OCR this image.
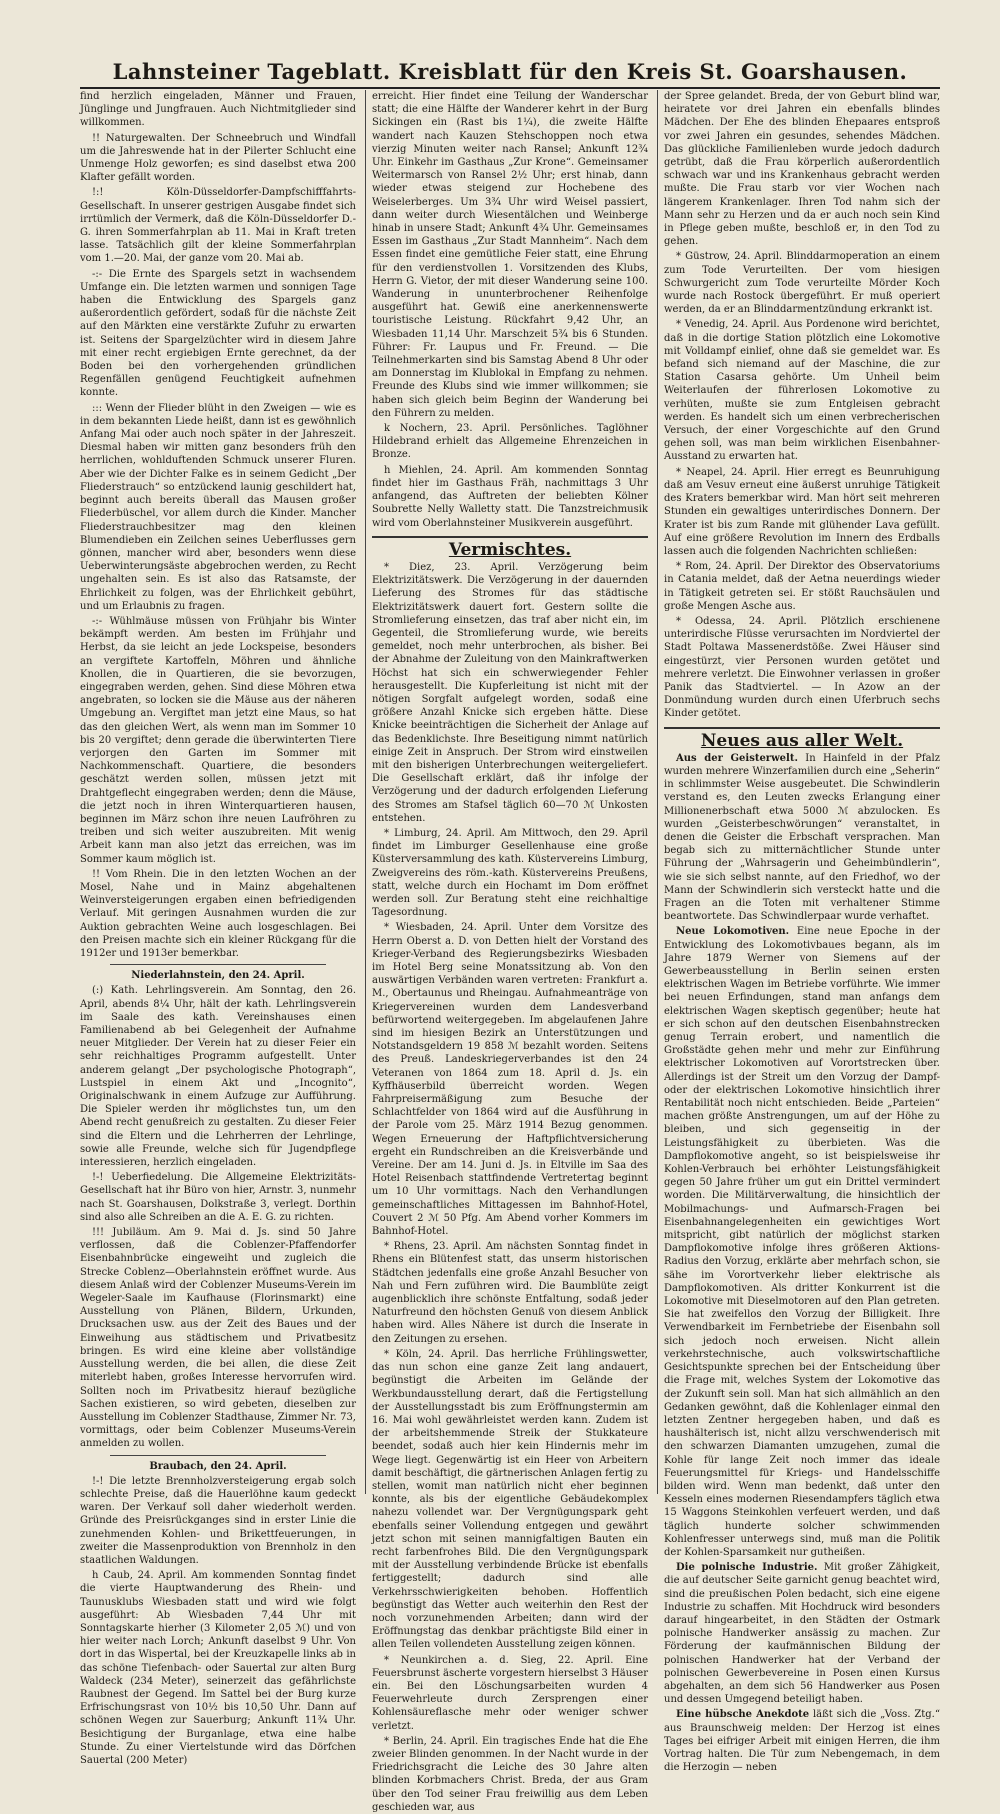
Lahnsteiner Tageblatt. Kreisblatt für den Kreis St. Goarshausen.

find herzlich eingeladen, Männer und Frauen, Jünglinge und Jungfrauen. Auch Nichtmitglieder sind willkommen.

!! Naturgewalten. Der Schneebruch und Windfall um die Jahreswende hat in der Pilerter Schlucht eine Unmenge Holz geworfen; es sind daselbst etwa 200 Klafter gefällt worden.

!:! Köln-Düsseldorfer-Dampfschifffahrts-Gesellschaft. In unserer gestrigen Ausgabe findet sich irrtümlich der Vermerk, daß die Köln-Düsseldorfer D.-G. ihren Sommerfahrplan ab 11. Mai in Kraft treten lasse. Tatsächlich gilt der kleine Sommerfahrplan vom 1.—20. Mai, der ganze vom 20. Mai ab.

-:- Die Ernte des Spargels setzt in wachsendem Umfange ein. Die letzten warmen und sonnigen Tage haben die Entwicklung des Spargels ganz außerordentlich gefördert, sodaß für die nächste Zeit auf den Märkten eine verstärkte Zufuhr zu erwarten ist. Seitens der Spargelzüchter wird in diesem Jahre mit einer recht ergiebigen Ernte gerechnet, da der Boden bei den vorhergehenden gründlichen Regenfällen genügend Feuchtigkeit aufnehmen konnte.

::: Wenn der Flieder blüht in den Zweigen — wie es in dem bekannten Liede heißt, dann ist es gewöhnlich Anfang Mai oder auch noch später in der Jahreszeit. Diesmal haben wir mitten ganz besonders früh den herrlichen, wohlduftenden Schmuck unserer Fluren. Aber wie der Dichter Falke es in seinem Gedicht „Der Fliederstrauch“ so entzückend launig geschildert hat, beginnt auch bereits überall das Mausen großer Fliederbüschel, vor allem durch die Kinder. Mancher Fliederstrauchbesitzer mag den kleinen Blumendieben ein Zeilchen seines Ueberflusses gern gönnen, mancher wird aber, besonders wenn diese Ueberwinterungsäste abgebrochen werden, zu Recht ungehalten sein. Es ist also das Ratsamste, der Ehrlichkeit zu folgen, was der Ehrlichkeit gebührt, und um Erlaubnis zu fragen.

-:- Wühlmäuse müssen von Frühjahr bis Winter bekämpft werden. Am besten im Frühjahr und Herbst, da sie leicht an jede Lockspeise, besonders an vergiftete Kartoffeln, Möhren und ähnliche Knollen, die in Quartieren, die sie bevorzugen, eingegraben werden, gehen. Sind diese Möhren etwa angebraten, so locken sie die Mäuse aus der näheren Umgebung an. Vergiftet man jetzt eine Maus, so hat das den gleichen Wert, als wenn man im Sommer 10 bis 20 vergiftet; denn gerade die überwinterten Tiere verjorgen den Garten im Sommer mit Nachkommenschaft. Quartiere, die besonders geschätzt werden sollen, müssen jetzt mit Drahtgeflecht eingegraben werden; denn die Mäuse, die jetzt noch in ihren Winterquartieren hausen, beginnen im März schon ihre neuen Laufröhren zu treiben und sich weiter auszubreiten. Mit wenig Arbeit kann man also jetzt das erreichen, was im Sommer kaum möglich ist.

!! Vom Rhein. Die in den letzten Wochen an der Mosel, Nahe und in Mainz abgehaltenen Weinversteigerungen ergaben einen befriedigenden Verlauf. Mit geringen Ausnahmen wurden die zur Auktion gebrachten Weine auch losgeschlagen. Bei den Preisen machte sich ein kleiner Rückgang für die 1912er und 1913er bemerkbar.

Niederlahnstein, den 24. April.

(:) Kath. Lehrlingsverein. Am Sonntag, den 26. April, abends 8¼ Uhr, hält der kath. Lehrlingsverein im Saale des kath. Vereinshauses einen Familienabend ab bei Gelegenheit der Aufnahme neuer Mitglieder. Der Verein hat zu dieser Feier ein sehr reichhaltiges Programm aufgestellt. Unter anderem gelangt „Der psychologische Photograph“, Lustspiel in einem Akt und „Incognito“, Originalschwank in einem Aufzuge zur Aufführung. Die Spieler werden ihr möglichstes tun, um den Abend recht genußreich zu gestalten. Zu dieser Feier sind die Eltern und die Lehrherren der Lehrlinge, sowie alle Freunde, welche sich für Jugendpflege interessieren, herzlich eingeladen.

!-! Ueberfiedelung. Die Allgemeine Elektrizitäts-Gesellschaft hat ihr Büro von hier, Arnstr. 3, nunmehr nach St. Goarshausen, Dolkstraße 3, verlegt. Dorthin sind also alle Schreiben an die A. E. G. zu richten.

!!! Jubiläum. Am 9. Mai d. Js. sind 50 Jahre verflossen, daß die Coblenzer-Pfaffendorfer Eisenbahnbrücke eingeweiht und zugleich die Strecke Coblenz—Oberlahnstein eröffnet wurde. Aus diesem Anlaß wird der Coblenzer Museums-Verein im Wegeler-Saale im Kaufhause (Florinsmarkt) eine Ausstellung von Plänen, Bildern, Urkunden, Drucksachen usw. aus der Zeit des Baues und der Einweihung aus städtischem und Privatbesitz bringen. Es wird eine kleine aber vollständige Ausstellung werden, die bei allen, die diese Zeit miterlebt haben, großes Interesse hervorrufen wird. Sollten noch im Privatbesitz hierauf bezügliche Sachen existieren, so wird gebeten, dieselben zur Ausstellung im Coblenzer Stadthause, Zimmer Nr. 73, vormittags, oder beim Coblenzer Museums-Verein anmelden zu wollen.

Braubach, den 24. April.

!-! Die letzte Brennholzversteigerung ergab solch schlechte Preise, daß die Hauerlöhne kaum gedeckt waren. Der Verkauf soll daher wiederholt werden. Gründe des Preisrückganges sind in erster Linie die zunehmenden Kohlen- und Brikettfeuerungen, in zweiter die Massenproduktion von Brennholz in den staatlichen Waldungen.

h Caub, 24. April. Am kommenden Sonntag findet die vierte Hauptwanderung des Rhein- und Taunusklubs Wiesbaden statt und wird wie folgt ausgeführt: Ab Wiesbaden 7,44 Uhr mit Sonntagskarte hierher (3 Kilometer 2,05 ℳ) und von hier weiter nach Lorch; Ankunft daselbst 9 Uhr. Von dort in das Wispertal, bei der Kreuzkapelle links ab in das schöne Tiefenbach- oder Sauertal zur alten Burg Waldeck (234 Meter), seinerzeit das gefährlichste Raubnest der Gegend. Im Sattel bei der Burg kurze Erfrischungsrast von 10½ bis 10,50 Uhr. Dann auf schönen Wegen zur Sauerburg; Ankunft 11¾ Uhr. Besichtigung der Burganlage, etwa eine halbe Stunde. Zu einer Viertelstunde wird das Dörfchen Sauertal (200 Meter)

erreicht. Hier findet eine Teilung der Wanderschar statt; die eine Hälfte der Wanderer kehrt in der Burg Sickingen ein (Rast bis 1¼), die zweite Hälfte wandert nach Kauzen Stehschoppen noch etwa vierzig Minuten weiter nach Ransel; Ankunft 12¾ Uhr. Einkehr im Gasthaus „Zur Krone“. Gemeinsamer Weitermarsch von Ransel 2½ Uhr; erst hinab, dann wieder etwas steigend zur Hochebene des Weiselerberges. Um 3¾ Uhr wird Weisel passiert, dann weiter durch Wiesentälchen und Weinberge hinab in unsere Stadt; Ankunft 4¾ Uhr. Gemeinsames Essen im Gasthaus „Zur Stadt Mannheim“. Nach dem Essen findet eine gemütliche Feier statt, eine Ehrung für den verdienstvollen 1. Vorsitzenden des Klubs, Herrn G. Vietor, der mit dieser Wanderung seine 100. Wanderung in ununterbrochener Reihenfolge ausgeführt hat. Gewiß eine anerkennenswerte touristische Leistung. Rückfahrt 9,42 Uhr, an Wiesbaden 11,14 Uhr. Marschzeit 5¾ bis 6 Stunden. Führer: Fr. Laupus und Fr. Freund. — Die Teilnehmerkarten sind bis Samstag Abend 8 Uhr oder am Donnerstag im Klublokal in Empfang zu nehmen. Freunde des Klubs sind wie immer willkommen; sie haben sich gleich beim Beginn der Wanderung bei den Führern zu melden.

k Nochern, 23. April. Persönliches. Taglöhner Hildebrand erhielt das Allgemeine Ehrenzeichen in Bronze.

h Miehlen, 24. April. Am kommenden Sonntag findet hier im Gasthaus Fräh, nachmittags 3 Uhr anfangend, das Auftreten der beliebten Kölner Soubrette Nelly Walletty statt. Die Tanzstreichmusik wird vom Oberlahnsteiner Musikverein ausgeführt.

Vermischtes.

* Diez, 23. April. Verzögerung beim Elektrizitätswerk. Die Verzögerung in der dauernden Lieferung des Stromes für das städtische Elektrizitätswerk dauert fort. Gestern sollte die Stromlieferung einsetzen, das traf aber nicht ein, im Gegenteil, die Stromlieferung wurde, wie bereits gemeldet, noch mehr unterbrochen, als bisher. Bei der Abnahme der Zuleitung von den Mainkraftwerken Höchst hat sich ein schwerwiegender Fehler herausgestellt. Die Kupferleitung ist nicht mit der nötigen Sorgfalt aufgelegt worden, sodaß eine größere Anzahl Knicke sich ergeben hätte. Diese Knicke beeinträchtigen die Sicherheit der Anlage auf das Bedenklichste. Ihre Beseitigung nimmt natürlich einige Zeit in Anspruch. Der Strom wird einstweilen mit den bisherigen Unterbrechungen weitergeliefert. Die Gesellschaft erklärt, daß ihr infolge der Verzögerung und der dadurch erfolgenden Lieferung des Stromes am Stafsel täglich 60—70 ℳ Unkosten entstehen.

* Limburg, 24. April. Am Mittwoch, den 29. April findet im Limburger Gesellenhause eine große Küsterversammlung des kath. Küstervereins Limburg, Zweigvereins des röm.-kath. Küstervereins Preußens, statt, welche durch ein Hochamt im Dom eröffnet werden soll. Zur Beratung steht eine reichhaltige Tagesordnung.

* Wiesbaden, 24. April. Unter dem Vorsitze des Herrn Oberst a. D. von Detten hielt der Vorstand des Krieger-Verband des Regierungsbezirks Wiesbaden im Hotel Berg seine Monatssitzung ab. Von den auswärtigen Verbänden waren vertreten: Frankfurt a. M., Obertaunus und Rheingau. Aufnahmeanträge von Kriegervereinen wurden dem Landesverband befürwortend weitergegeben. Im abgelaufenen Jahre sind im hiesigen Bezirk an Unterstützungen und Notstandsgeldern 19 858 ℳ bezahlt worden. Seitens des Preuß. Landeskriegerverbandes ist den 24 Veteranen von 1864 zum 18. April d. Js. ein Kyffhäuserbild überreicht worden. Wegen Fahrpreisermäßigung zum Besuche der Schlachtfelder von 1864 wird auf die Ausführung in der Parole vom 25. März 1914 Bezug genommen. Wegen Erneuerung der Haftpflichtversicherung ergeht ein Rundschreiben an die Kreisverbände und Vereine. Der am 14. Juni d. Js. in Eltville im Saa des Hotel Reisenbach stattfindende Vertretertag beginnt um 10 Uhr vormittags. Nach den Verhandlungen gemeinschaftliches Mittagessen im Bahnhof-Hotel, Couvert 2 ℳ 50 Pfg. Am Abend vorher Kommers im Bahnhof-Hotel.

* Rhens, 23. April. Am nächsten Sonntag findet in Rhens ein Blütenfest statt, das unserm historischen Städtchen jedenfalls eine große Anzahl Besucher von Nah und Fern zuführen wird. Die Baumblüte zeigt augenblicklich ihre schönste Entfaltung, sodaß jeder Naturfreund den höchsten Genuß von diesem Anblick haben wird. Alles Nähere ist durch die Inserate in den Zeitungen zu ersehen.

* Köln, 24. April. Das herrliche Frühlingswetter, das nun schon eine ganze Zeit lang andauert, begünstigt die Arbeiten im Gelände der Werkbundausstellung derart, daß die Fertigstellung der Ausstellungsstadt bis zum Eröffnungstermin am 16. Mai wohl gewährleistet werden kann. Zudem ist der arbeitshemmende Streik der Stukkateure beendet, sodaß auch hier kein Hindernis mehr im Wege liegt. Gegenwärtig ist ein Heer von Arbeitern damit beschäftigt, die gärtnerischen Anlagen fertig zu stellen, womit man natürlich nicht eher beginnen konnte, als bis der eigentliche Gebäudekomplex nahezu vollendet war. Der Vergnügungspark geht ebenfalls seiner Vollendung entgegen und gewährt jetzt schon mit seinen mannigfaltigen Bauten ein recht farbenfrohes Bild. Die den Vergnügungspark mit der Ausstellung verbindende Brücke ist ebenfalls fertiggestellt; dadurch sind alle Verkehrsschwierigkeiten behoben. Hoffentlich begünstigt das Wetter auch weiterhin den Rest der noch vorzunehmenden Arbeiten; dann wird der Eröffnungstag das denkbar prächtigste Bild einer in allen Teilen vollendeten Ausstellung zeigen können.

* Neunkirchen a. d. Sieg, 22. April. Eine Feuersbrunst äscherte vorgestern hierselbst 3 Häuser ein. Bei den Löschungsarbeiten wurden 4 Feuerwehrleute durch Zersprengen einer Kohlensäureflasche mehr oder weniger schwer verletzt.

* Berlin, 24. April. Ein tragisches Ende hat die Ehe zweier Blinden genommen. In der Nacht wurde in der Friedrichsgracht die Leiche des 30 Jahre alten blinden Korbmachers Christ. Breda, der aus Gram über den Tod seiner Frau freiwillig aus dem Leben geschieden war, aus

der Spree gelandet. Breda, der von Geburt blind war, heiratete vor drei Jahren ein ebenfalls blindes Mädchen. Der Ehe des blinden Ehepaares entsproß vor zwei Jahren ein gesundes, sehendes Mädchen. Das glückliche Familienleben wurde jedoch dadurch getrübt, daß die Frau körperlich außerordentlich schwach war und ins Krankenhaus gebracht werden mußte. Die Frau starb vor vier Wochen nach längerem Krankenlager. Ihren Tod nahm sich der Mann sehr zu Herzen und da er auch noch sein Kind in Pflege geben mußte, beschloß er, in den Tod zu gehen.

* Güstrow, 24. April. Blinddarmoperation an einem zum Tode Verurteilten. Der vom hiesigen Schwurgericht zum Tode verurteilte Mörder Koch wurde nach Rostock übergeführt. Er muß operiert werden, da er an Blinddarmentzündung erkrankt ist.

* Venedig, 24. April. Aus Pordenone wird berichtet, daß in die dortige Station plötzlich eine Lokomotive mit Volldampf einlief, ohne daß sie gemeldet war. Es befand sich niemand auf der Maschine, die zur Station Casarsa gehörte. Um Unheil beim Weiterlaufen der führerlosen Lokomotive zu verhüten, mußte sie zum Entgleisen gebracht werden. Es handelt sich um einen verbrecherischen Versuch, der einer Vorgeschichte auf den Grund gehen soll, was man beim wirklichen Eisenbahner-Ausstand zu erwarten hat.

* Neapel, 24. April. Hier erregt es Beunruhigung daß am Vesuv erneut eine äußerst unruhige Tätigkeit des Kraters bemerkbar wird. Man hört seit mehreren Stunden ein gewaltiges unterirdisches Donnern. Der Krater ist bis zum Rande mit glühender Lava gefüllt. Auf eine größere Revolution im Innern des Erdballs lassen auch die folgenden Nachrichten schließen:

* Rom, 24. April. Der Direktor des Observatoriums in Catania meldet, daß der Aetna neuerdings wieder in Tätigkeit getreten sei. Er stößt Rauchsäulen und große Mengen Asche aus.

* Odessa, 24. April. Plötzlich erschienene unterirdische Flüsse verursachten im Nordviertel der Stadt Poltawa Massenerdstöße. Zwei Häuser sind eingestürzt, vier Personen wurden getötet und mehrere verletzt. Die Einwohner verlassen in großer Panik das Stadtviertel. — In Azow an der Donmündung wurden durch einen Uferbruch sechs Kinder getötet.

Neues aus aller Welt.

Aus der Geisterwelt. In Hainfeld in der Pfalz wurden mehrere Winzerfamilien durch eine „Seherin“ in schlimmster Weise ausgebeutet. Die Schwindlerin verstand es, den Leuten zwecks Erlangung einer Millionenerbschaft etwa 5000 ℳ abzulocken. Es wurden „Geisterbeschwörungen“ veranstaltet, in denen die Geister die Erbschaft versprachen. Man begab sich zu mitternächtlicher Stunde unter Führung der „Wahrsagerin und Geheimbündlerin“, wie sie sich selbst nannte, auf den Friedhof, wo der Mann der Schwindlerin sich versteckt hatte und die Fragen an die Toten mit verhaltener Stimme beantwortete. Das Schwindlerpaar wurde verhaftet.

Neue Lokomotiven. Eine neue Epoche in der Entwicklung des Lokomotivbaues begann, als im Jahre 1879 Werner von Siemens auf der Gewerbeausstellung in Berlin seinen ersten elektrischen Wagen im Betriebe vorführte. Wie immer bei neuen Erfindungen, stand man anfangs dem elektrischen Wagen skeptisch gegenüber; heute hat er sich schon auf den deutschen Eisenbahnstrecken genug Terrain erobert, und namentlich die Großstädte gehen mehr und mehr zur Einführung elektrischer Lokomotiven auf Vorortstrecken über. Allerdings ist der Streit um den Vorzug der Dampf- oder der elektrischen Lokomotive hinsichtlich ihrer Rentabilität noch nicht entschieden. Beide „Parteien“ machen größte Anstrengungen, um auf der Höhe zu bleiben, und sich gegenseitig in der Leistungsfähigkeit zu überbieten. Was die Dampflokomotive angeht, so ist beispielsweise ihr Kohlen-Verbrauch bei erhöhter Leistungsfähigkeit gegen 50 Jahre früher um gut ein Drittel vermindert worden. Die Militärverwaltung, die hinsichtlich der Mobilmachungs- und Aufmarsch-Fragen bei Eisenbahnangelegenheiten ein gewichtiges Wort mitspricht, gibt natürlich der möglichst starken Dampflokomotive infolge ihres größeren Aktions-Radius den Vorzug, erklärte aber mehrfach schon, sie sähe im Vorortverkehr lieber elektrische als Dampflokomotiven. Als dritter Konkurrent ist die Lokomotive mit Dieselmotoren auf den Plan getreten. Sie hat zweifellos den Vorzug der Billigkeit. Ihre Verwendbarkeit im Fernbetriebe der Eisenbahn soll sich jedoch noch erweisen. Nicht allein verkehrstechnische, auch volkswirtschaftliche Gesichtspunkte sprechen bei der Entscheidung über die Frage mit, welches System der Lokomotive das der Zukunft sein soll. Man hat sich allmählich an den Gedanken gewöhnt, daß die Kohlenlager einmal den letzten Zentner hergegeben haben, und daß es haushälterisch ist, nicht allzu verschwenderisch mit den schwarzen Diamanten umzugehen, zumal die Kohle für lange Zeit noch immer das ideale Feuerungsmittel für Kriegs- und Handelsschiffe bilden wird. Wenn man bedenkt, daß unter den Kesseln eines modernen Riesendampfers täglich etwa 15 Waggons Steinkohlen verfeuert werden, und daß täglich hunderte solcher schwimmenden Kohlenfresser unterwegs sind, muß man die Politik der Kohlen-Sparsamkeit nur gutheißen.

Die polnische Industrie. Mit großer Zähigkeit, die auf deutscher Seite garnicht genug beachtet wird, sind die preußischen Polen bedacht, sich eine eigene Industrie zu schaffen. Mit Hochdruck wird besonders darauf hingearbeitet, in den Städten der Ostmark polnische Handwerker ansässig zu machen. Zur Förderung der kaufmännischen Bildung der polnischen Handwerker hat der Verband der polnischen Gewerbevereine in Posen einen Kursus abgehalten, an dem sich 56 Handwerker aus Posen und dessen Umgegend beteiligt haben.

Eine hübsche Anekdote läßt sich die „Voss. Ztg.“ aus Braunschweig melden: Der Herzog ist eines Tages bei eifriger Arbeit mit einigen Herren, die ihm Vortrag halten. Die Tür zum Nebengemach, in dem die Herzogin — neben
